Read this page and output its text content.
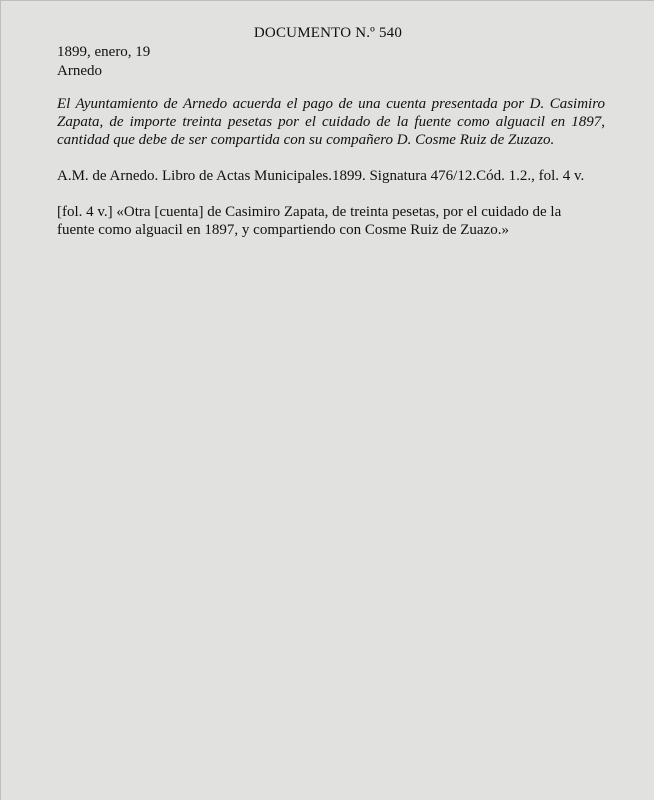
DOCUMENTO N.º 540
1899, enero, 19
Arnedo
El Ayuntamiento de Arnedo acuerda el pago de una cuenta presentada por D. Casimiro
Zapata, de importe treinta pesetas por el cuidado de la fuente como alguacil en 1897,
cantidad que debe de ser compartida con su compañero D. Cosme Ruiz de Zuzazo.
A.M. de Arnedo. Libro de Actas Municipales.1899. Signatura 476/12.Cód. 1.2., fol. 4 v.
[fol. 4 v.] «Otra [cuenta] de Casimiro Zapata, de treinta pesetas, por el cuidado de la
fuente como alguacil en 1897, y compartiendo con Cosme Ruiz de Zuazo.»
